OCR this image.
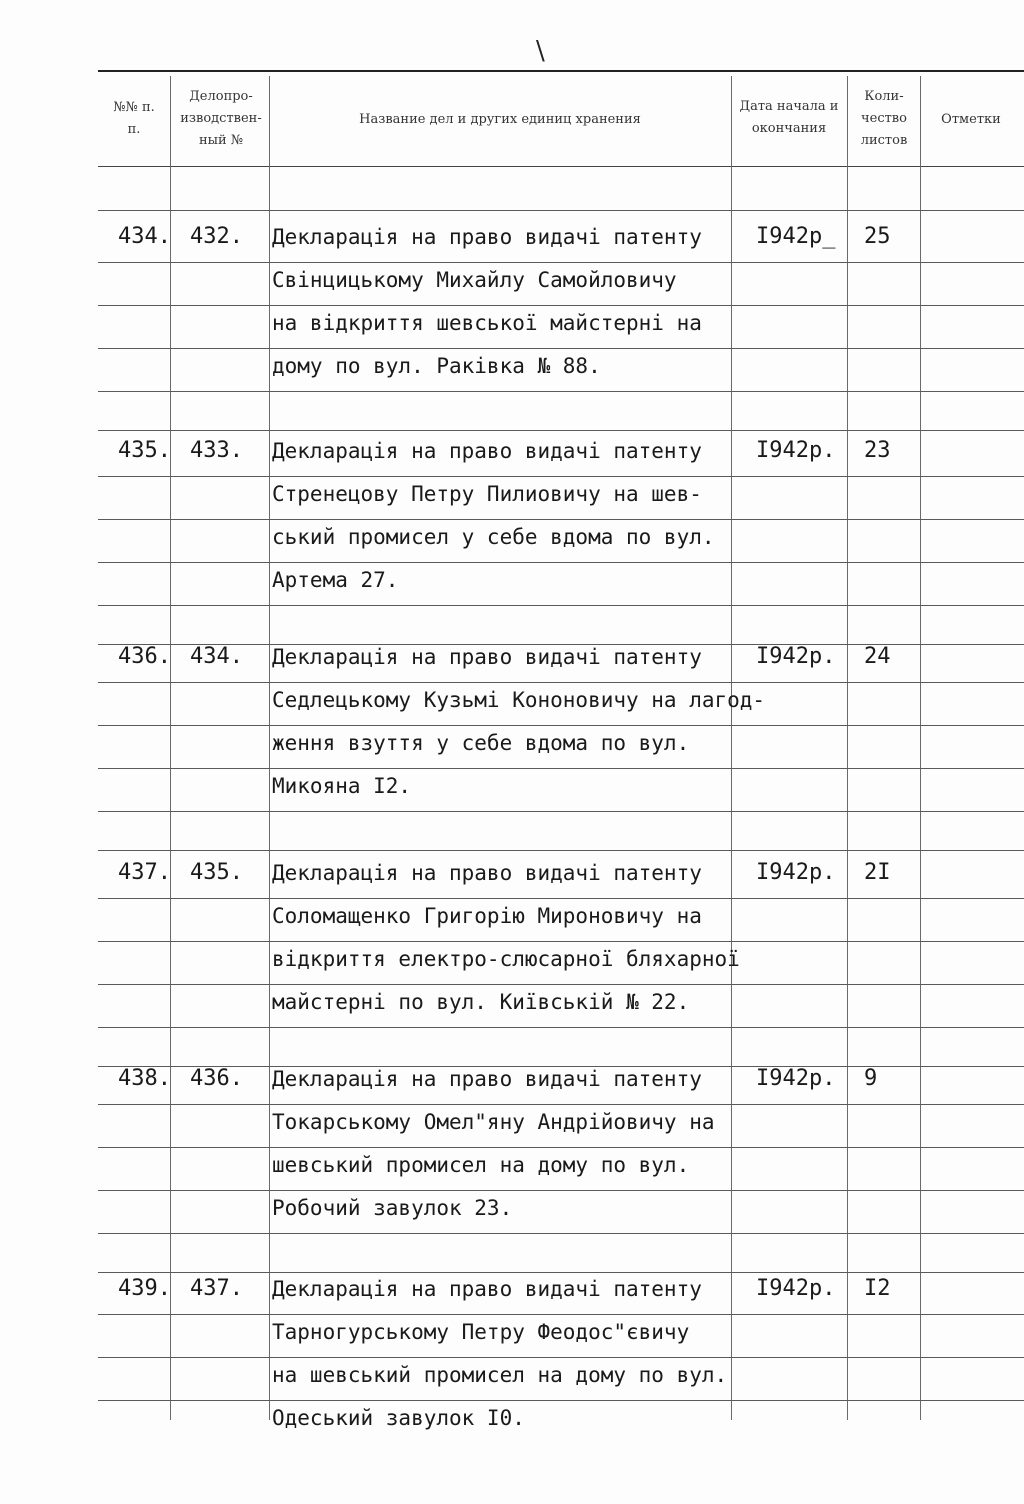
\
№№ п. п.
Делопро-изводствен-ный №
Название дел и других единиц хранения
Дата начала и окончания
Коли-чество листов
Отметки
434. 432. Декларація на право видачі патенту
Свінцицькому Михайлу Самойловичу
на відкриття шевської майстерні на
дому по вул. Раківка № 88.
І942р_ 25
435. 433. Декларація на право видачі патенту
Стренецову Петру Пилиовичу на шев-
ський промисел у себе вдома по вул.
Артема 27.
І942р. 23
436. 434. Декларація на право видачі патенту
Седлецькому Кузьмі Кононовичу на лагод-
ження взуття у себе вдома по вул.
Микояна І2.
І942р. 24
437. 435. Декларація на право видачі патенту
Соломащенко Григорію Мироновичу на
відкриття електро-слюсарної бляхарної
майстерні по вул. Київській № 22.
І942р. 2І
438. 436. Декларація на право видачі патенту
Токарському Омел"яну Андрійовичу на
шевський промисел на дому по вул.
Робочий завулок 23.
І942р. 9
439. 437. Декларація на право видачі патенту
Тарногурському Петру Феодос"євичу
на шевський промисел на дому по вул.
Одеський завулок І0.
І942р. І2
